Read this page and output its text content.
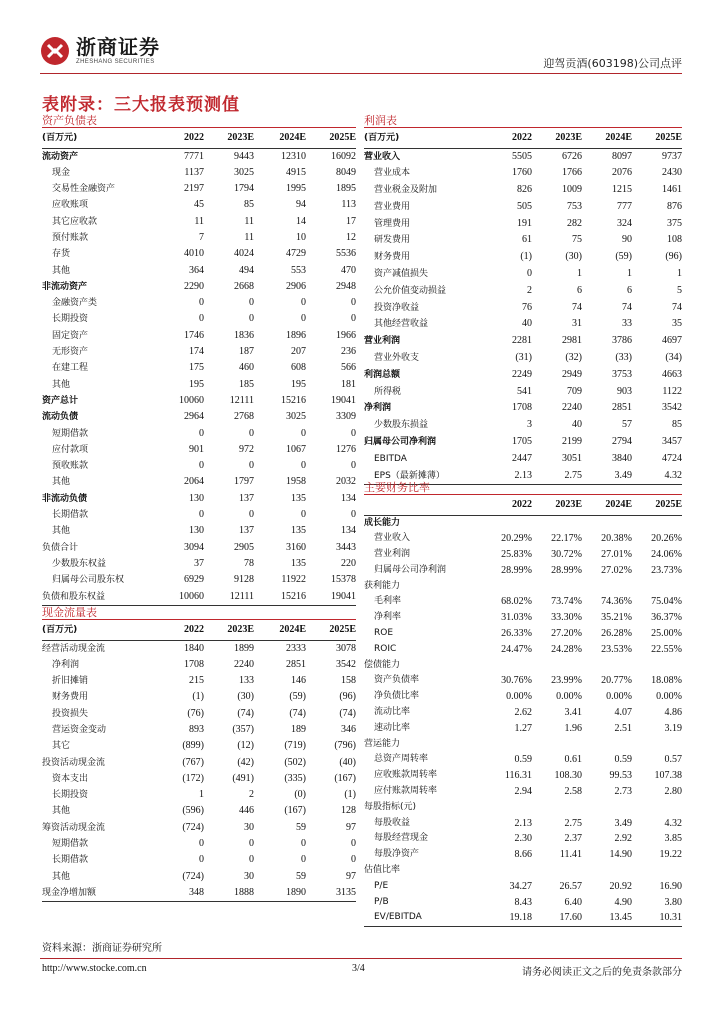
浙商证券
ZHESHANG SECURITIES	迎驾贡酒(603198)公司点评
表附录：三大报表预测值
资产负债表
(百万元)	2022	2023E	2024E	2025E
流动资产	7771	9443	12310	16092
现金	1137	3025	4915	8049
交易性金融资产	2197	1794	1995	1895
应收账项	45	85	94	113
其它应收款	11	11	14	17
预付账款	7	11	10	12
存货	4010	4024	4729	5536
其他	364	494	553	470
非流动资产	2290	2668	2906	2948
金融资产类	0	0	0	0
长期投资	0	0	0	0
固定资产	1746	1836	1896	1966
无形资产	174	187	207	236
在建工程	175	460	608	566
其他	195	185	195	181
资产总计	10060	12111	15216	19041
流动负债	2964	2768	3025	3309
短期借款	0	0	0	0
应付款项	901	972	1067	1276
预收账款	0	0	0	0
其他	2064	1797	1958	2032
非流动负债	130	137	135	134
长期借款	0	0	0	0
其他	130	137	135	134
负债合计	3094	2905	3160	3443
少数股东权益	37	78	135	220
归属母公司股东权	6929	9128	11922	15378
负债和股东权益	10060	12111	15216	19041
现金流量表
(百万元)	2022	2023E	2024E	2025E
经营活动现金流	1840	1899	2333	3078
净利润	1708	2240	2851	3542
折旧摊销	215	133	146	158
财务费用	(1)	(30)	(59)	(96)
投资损失	(76)	(74)	(74)	(74)
营运资金变动	893	(357)	189	346
其它	(899)	(12)	(719)	(796)
投资活动现金流	(767)	(42)	(502)	(40)
资本支出	(172)	(491)	(335)	(167)
长期投资	1	2	(0)	(1)
其他	(596)	446	(167)	128
筹资活动现金流	(724)	30	59	97
短期借款	0	0	0	0
长期借款	0	0	0	0
其他	(724)	30	59	97
现金净增加额	348	1888	1890	3135
利润表
(百万元)	2022	2023E	2024E	2025E
营业收入	5505	6726	8097	9737
营业成本	1760	1766	2076	2430
营业税金及附加	826	1009	1215	1461
营业费用	505	753	777	876
管理费用	191	282	324	375
研发费用	61	75	90	108
财务费用	(1)	(30)	(59)	(96)
资产减值损失	0	1	1	1
公允价值变动损益	2	6	6	5
投资净收益	76	74	74	74
其他经营收益	40	31	33	35
营业利润	2281	2981	3786	4697
营业外收支	(31)	(32)	(33)	(34)
利润总额	2249	2949	3753	4663
所得税	541	709	903	1122
净利润	1708	2240	2851	3542
少数股东损益	3	40	57	85
归属母公司净利润	1705	2199	2794	3457
EBITDA	2447	3051	3840	4724
EPS（最新摊薄）	2.13	2.75	3.49	4.32
主要财务比率
	2022	2023E	2024E	2025E
成长能力				
营业收入	20.29%	22.17%	20.38%	20.26%
营业利润	25.83%	30.72%	27.01%	24.06%
归属母公司净利润	28.99%	28.99%	27.02%	23.73%
获利能力				
毛利率	68.02%	73.74%	74.36%	75.04%
净利率	31.03%	33.30%	35.21%	36.37%
ROE	26.33%	27.20%	26.28%	25.00%
ROIC	24.47%	24.28%	23.53%	22.55%
偿债能力				
资产负债率	30.76%	23.99%	20.77%	18.08%
净负债比率	0.00%	0.00%	0.00%	0.00%
流动比率	2.62	3.41	4.07	4.86
速动比率	1.27	1.96	2.51	3.19
营运能力				
总资产周转率	0.59	0.61	0.59	0.57
应收账款周转率	116.31	108.30	99.53	107.38
应付账款周转率	2.94	2.58	2.73	2.80
每股指标(元)				
每股收益	2.13	2.75	3.49	4.32
每股经营现金	2.30	2.37	2.92	3.85
每股净资产	8.66	11.41	14.90	19.22
估值比率				
P/E	34.27	26.57	20.92	16.90
P/B	8.43	6.40	4.90	3.80
EV/EBITDA	19.18	17.60	13.45	10.31
资料来源：浙商证券研究所
http://www.stocke.com.cn	3/4	请务必阅读正文之后的免责条款部分
